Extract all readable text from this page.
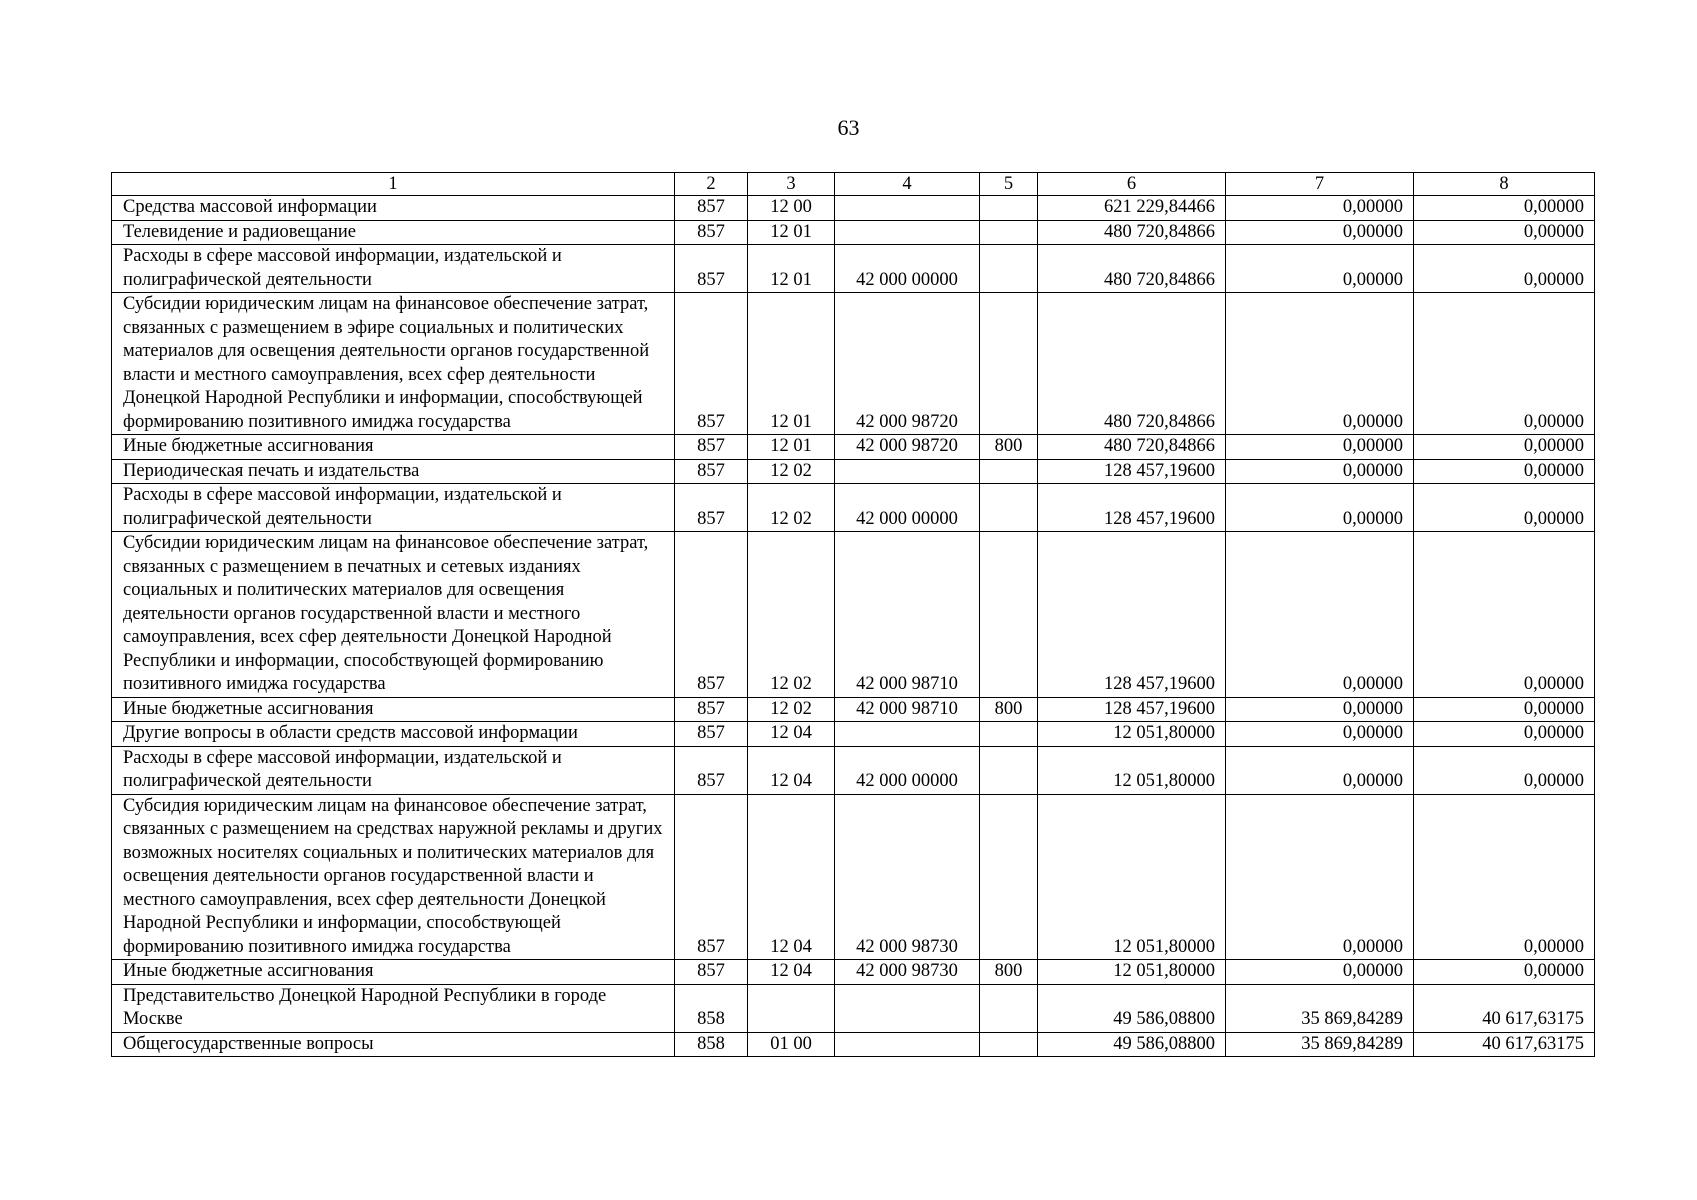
63
1	2	3	4	5	6	7	8
Средства массовой информации	857	12 00			621 229,84466	0,00000	0,00000
Телевидение и радиовещание	857	12 01			480 720,84866	0,00000	0,00000
Расходы в сфере массовой информации, издательской и полиграфической деятельности	857	12 01	42 000 00000		480 720,84866	0,00000	0,00000
Субсидии юридическим лицам на финансовое обеспечение затрат, связанных с размещением в эфире социальных и политических материалов для освещения деятельности органов государственной власти и местного самоуправления, всех сфер деятельности Донецкой Народной Республики и информации, способствующей формированию позитивного имиджа государства	857	12 01	42 000 98720		480 720,84866	0,00000	0,00000
Иные бюджетные ассигнования	857	12 01	42 000 98720	800	480 720,84866	0,00000	0,00000
Периодическая печать и издательства	857	12 02			128 457,19600	0,00000	0,00000
Расходы в сфере массовой информации, издательской и полиграфической деятельности	857	12 02	42 000 00000		128 457,19600	0,00000	0,00000
Субсидии юридическим лицам на финансовое обеспечение затрат, связанных с размещением в печатных и сетевых изданиях социальных и политических материалов для освещения деятельности органов государственной власти и местного самоуправления, всех сфер деятельности Донецкой Народной Республики и информации, способствующей формированию позитивного имиджа государства	857	12 02	42 000 98710		128 457,19600	0,00000	0,00000
Иные бюджетные ассигнования	857	12 02	42 000 98710	800	128 457,19600	0,00000	0,00000
Другие вопросы в области средств массовой информации	857	12 04			12 051,80000	0,00000	0,00000
Расходы в сфере массовой информации, издательской и полиграфической деятельности	857	12 04	42 000 00000		12 051,80000	0,00000	0,00000
Субсидия юридическим лицам на финансовое обеспечение затрат, связанных с размещением на средствах наружной рекламы и других возможных носителях социальных и политических материалов для освещения деятельности органов государственной власти и местного самоуправления, всех сфер деятельности Донецкой Народной Республики и информации, способствующей формированию позитивного имиджа государства	857	12 04	42 000 98730		12 051,80000	0,00000	0,00000
Иные бюджетные ассигнования	857	12 04	42 000 98730	800	12 051,80000	0,00000	0,00000
Представительство Донецкой Народной Республики в городе Москве	858				49 586,08800	35 869,84289	40 617,63175
Общегосударственные вопросы	858	01 00			49 586,08800	35 869,84289	40 617,63175
